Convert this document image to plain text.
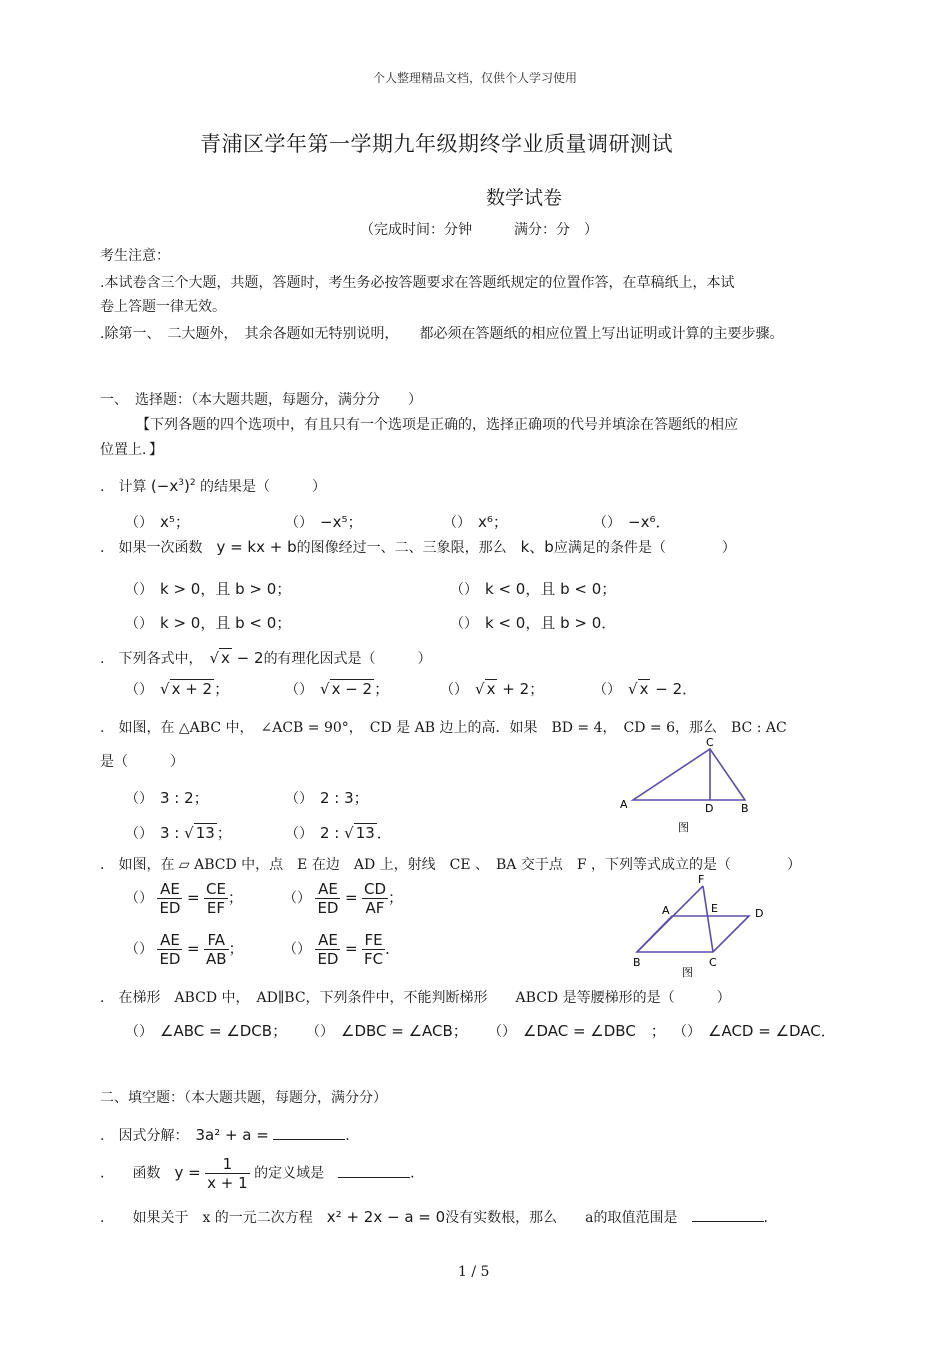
个人整理精品文档，仅供个人学习使用
青浦区学年第一学期九年级期终学业质量调研测试
数学试卷
（完成时间：分钟　　　满分：分　）
考生注意：
.本试卷含三个大题，共题，答题时，考生务必按答题要求在答题纸规定的位置作答，在草稿纸上，本试
卷上答题一律无效。
.除第一、　二大题外，　其余各题如无特别说明，　　都必须在答题纸的相应位置上写出证明或计算的主要步骤。
一、　选择题：（本大题共题，每题分，满分分　　）
【下列各题的四个选项中，有且只有一个选项是正确的，选择正确项的代号并填涂在答题纸的相应
位置上．】
.　计算 $(-x^3)^2$ 的结果是（　　　）
（）　 x⁵；	（）　 −x⁵；	（）　 x⁶；	（）　 −x⁶．
.　如果一次函数　 y = kx + b的图像经过一、二、三象限，那么　 k、b应满足的条件是（　　　　）
（）　 k > 0，且 b > 0；	（）　 k < 0，且 b < 0；
（）　 k > 0，且 b < 0；	（）　 k < 0，且 b > 0．
.　下列各式中，　 √ x − 2的有理化因式是（　　　）
（）　 √ x + 2 ；	（）　 √ x − 2 ；	（）　 √ x + 2；	（）　 √ x − 2．
.　如图，在 △ABC 中，　∠ACB = 90°，　CD 是 AB 边上的高．如果　BD = 4，　CD = 6，那么　BC : AC
是（　　　）
（）　 3 : 2；	（）　 2 : 3；
（）　 3 : √ 13 ；	（）　 2 : √ 13 ．
C
A	D	B
图
.　如图，在 ▱ ABCD 中，点　E 在边　AD 上，射线　CE 、　BA 交于点　F ，下列等式成立的是（　　　　）
（） $\frac{AE}{ED} = \frac{CE}{EF}$ ；	（） $\frac{AE}{ED} = \frac{CD}{AF}$ ；
（） $\frac{AE}{ED} = \frac{FA}{AB}$ ；	（） $\frac{AE}{ED} = \frac{FE}{FC}$ ．
F
A	E	D
B	C
图
.　在梯形　ABCD 中，　AD∥BC，下列条件中，不能判断梯形　　ABCD 是等腰梯形的是（　　　）
（）　 ∠ABC = ∠DCB； （）　 ∠DBC = ∠ACB； （）　 ∠DAC = ∠DBC　； （）　 ∠ACD = ∠DAC．
二、填空题：（本大题共题，每题分，满分分）
.　因式分解：　 3a² + a =	.
.　　函数　 $y = \frac{1}{x + 1}$ 的定义域是　	.
.　　如果关于　x 的一元二次方程　 x² + 2x − a = 0没有实数根，那么　　a的取值范围是　	.
1 / 5
